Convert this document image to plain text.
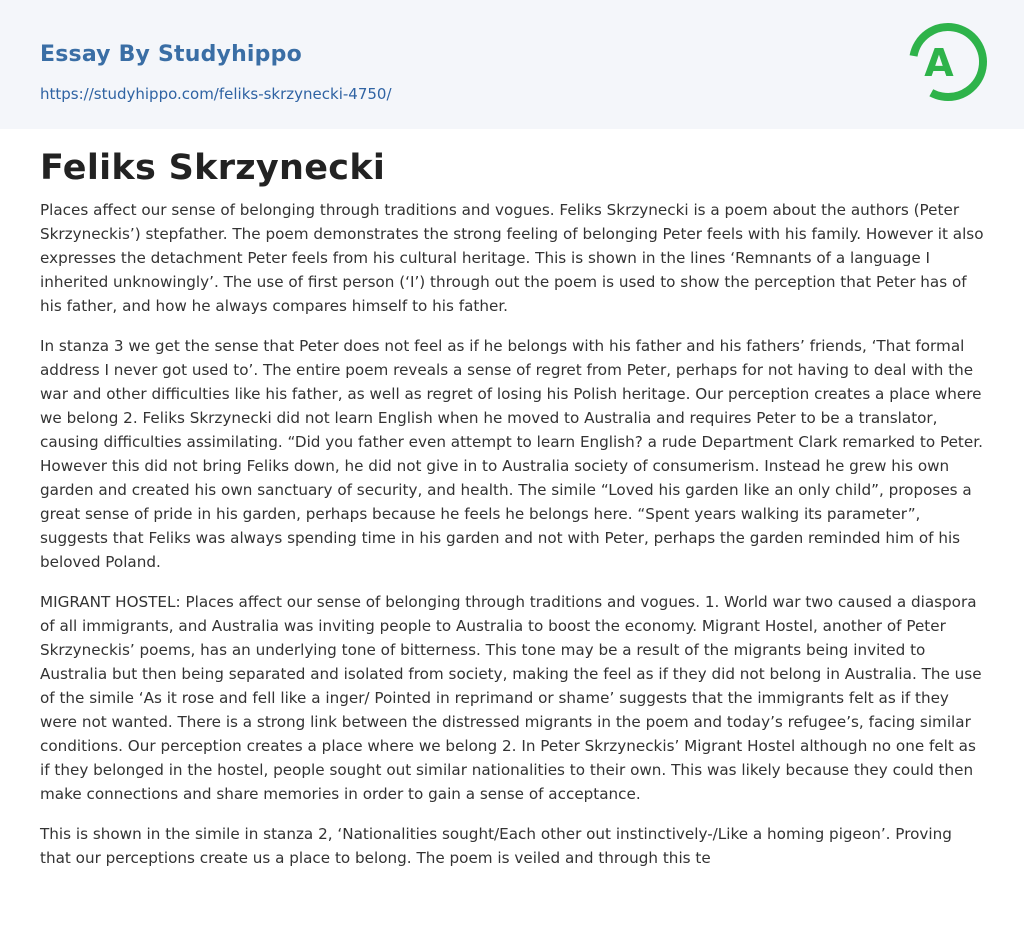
Essay By Studyhippo
https://studyhippo.com/feliks-skrzynecki-4750/
A
Feliks Skrzynecki

Places affect our sense of belonging through traditions and vogues. Feliks Skrzynecki is a poem about the authors (Peter Skrzyneckis’) stepfather. The poem demonstrates the strong feeling of belonging Peter feels with his family. However it also expresses the detachment Peter feels from his cultural heritage. This is shown in the lines ‘Remnants of a language I inherited unknowingly’. The use of first person (‘I’) through out the poem is used to show the perception that Peter has of his father, and how he always compares himself to his father.

In stanza 3 we get the sense that Peter does not feel as if he belongs with his father and his fathers’ friends, ‘That formal address I never got used to’. The entire poem reveals a sense of regret from Peter, perhaps for not having to deal with the war and other difficulties like his father, as well as regret of losing his Polish heritage. Our perception creates a place where we belong 2. Feliks Skrzynecki did not learn English when he moved to Australia and requires Peter to be a translator, causing difficulties assimilating. “Did you father even attempt to learn English? a rude Department Clark remarked to Peter. However this did not bring Feliks down, he did not give in to Australia society of consumerism. Instead he grew his own garden and created his own sanctuary of security, and health. The simile “Loved his garden like an only child”, proposes a great sense of pride in his garden, perhaps because he feels he belongs here. “Spent years walking its parameter”, suggests that Feliks was always spending time in his garden and not with Peter, perhaps the garden reminded him of his beloved Poland.

MIGRANT HOSTEL: Places affect our sense of belonging through traditions and vogues. 1. World war two caused a diaspora of all immigrants, and Australia was inviting people to Australia to boost the economy. Migrant Hostel, another of Peter Skrzyneckis’ poems, has an underlying tone of bitterness. This tone may be a result of the migrants being invited to Australia but then being separated and isolated from society, making the feel as if they did not belong in Australia. The use of the simile ‘As it rose and fell like a inger/ Pointed in reprimand or shame’ suggests that the immigrants felt as if they were not wanted. There is a strong link between the distressed migrants in the poem and today’s refugee’s, facing similar conditions. Our perception creates a place where we belong 2. In Peter Skrzyneckis’ Migrant Hostel although no one felt as if they belonged in the hostel, people sought out similar nationalities to their own. This was likely because they could then make connections and share memories in order to gain a sense of acceptance.

This is shown in the simile in stanza 2, ‘Nationalities sought/Each other out instinctively-/Like a homing pigeon’. Proving that our perceptions create us a place to belong. The poem is veiled and through this te
